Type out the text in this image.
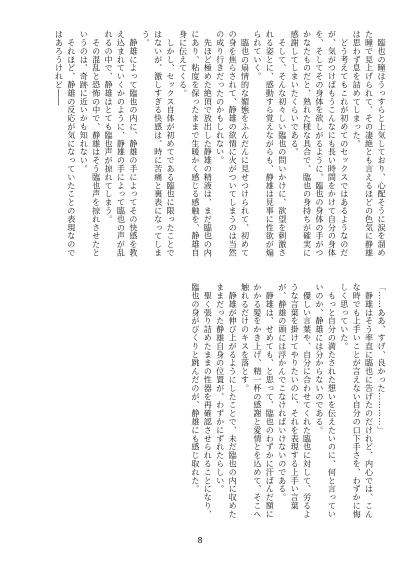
　臨也の瞳はうっすらと上気しており、心配そうに涙を溜めた瞳で見上げられて、その凄絶とも言えるほどの色気に静雄は思わず息を詰めてしまった。

　どう考えてもこれが初めてのセックスではあるようなのだが、気がつけばもうこんなにも長い時間をかけて自分の身体を、そしてその身体を欲しがるように、臨也の身体の手がつかなたものだと、熟れた様な具合で、臨也の身持ちが確実に感謝してしまいたくらいである。

　そして、そんな初々しい臨也の問いかけに、欲望を刺激される姿とに、感動すら覚えながらも、静雄は見事に性欲が煽られていく。

　臨也の扇情的な媚態をふんだんに見せつけられて、初めての身を焦らされて、静雄の欲情に火がついてしまうのは当然の成り行きだったのかもしれない。

　先ほど極めた絶頂で放出した静雄の精液は、まだ臨也の内にあり、粘度を保ったままで生暖かく感じる感触を、静雄自身に伝えてくる。

　しかし、セックス自体が初めてである臨也に限ったことではないが、激しすぎる快感は、時に苦痛と裏表になってしまう。

　静雄によって臨也の内に、静雄の手によってその快感を教え込まれていくかのように、静雄の手によって臨也の声が乱れるの中で、静雄はとても臨也声が掠れてしまう。

　その混乱と恐怖の中で、静雄はそう臨也声を掠れさせたというのは、奇跡に近いかも知れない。

　それほど、静雄の反応が気になっていたことの表現なのではあろうけれど――

「……ああ、すげ、良かった…………」

　静雄はそう率直に臨也に告げたのだけれど、内心では、こんな時でも上手いことが言えない自分の口下手さを、わずかに悔しく思っていた。

　もっと自分の満たされた想いを伝えたいのに、何と言っていいのか、静雄には分からないのである。

　優しい言葉や、自分に合わせてくれた臨也に対して、労るような言葉を掛けてやりたいのに、それを表現する上手い言葉が、静雄の頭には浮かんでこなければいけないのである。

　静雄は、せめても、と思って、臨也のわずかに汗ばんだ額にかかる髪をかき上げ、精一杯の感謝と愛情とを込めて、そこへ触れるだけのキスを落とす。

　静雄が伸び上がるようにしたことで、未だ臨也の内に収めたままだった静雄自身の位置が、わずかにずれたらしい。

　聖く張り詰めたままの性器を再確認させられることになり、臨也の身がびくりと跳んだのが、静雄にも感じ取れた。

8
